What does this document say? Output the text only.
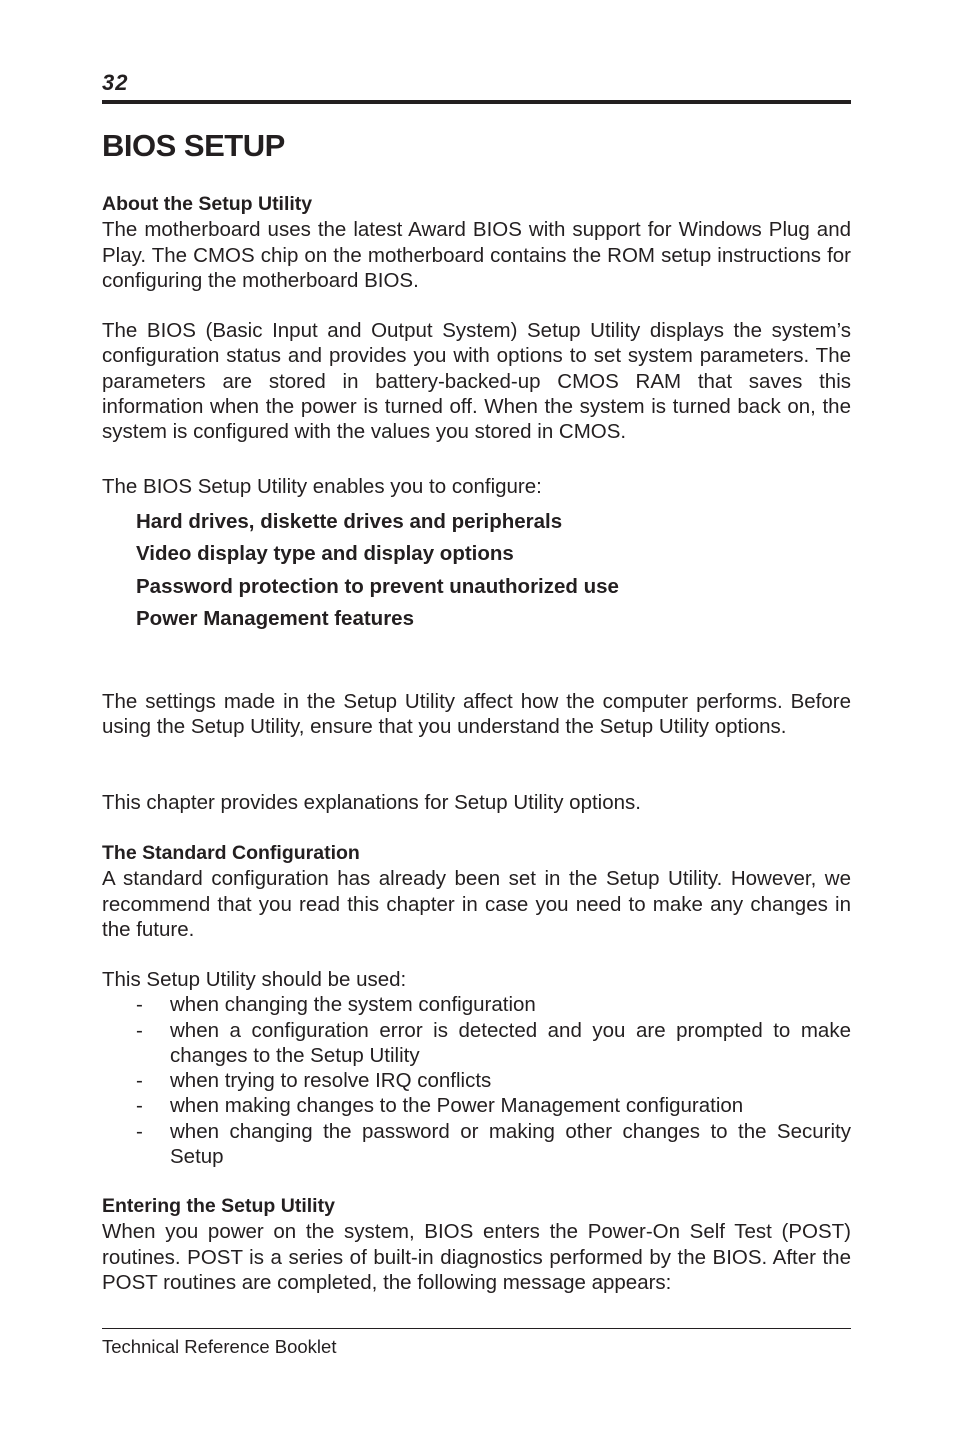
32
BIOS SETUP

About the Setup Utility

The motherboard uses the latest Award BIOS with support for Windows Plug and Play. The CMOS chip on the motherboard contains the ROM setup instructions for configuring the motherboard BIOS.

The BIOS (Basic Input and Output System) Setup Utility displays the system’s configuration status and provides you with options to set system parameters. The parameters are stored in battery-backed-up CMOS RAM that saves this information when the power is turned off. When the system is turned back on, the system is configured with the values you stored in CMOS.

The BIOS Setup Utility enables you to configure:

Hard drives, diskette drives and peripherals
Video display type and display options
Password protection to prevent unauthorized use
Power Management features

The settings made in the Setup Utility affect how the computer performs. Before using the Setup Utility, ensure that you understand the Setup Utility options.

This chapter provides explanations for Setup Utility options.

The Standard Configuration

A standard configuration has already been set in the Setup Utility. However, we recommend that you read this chapter in case you need to make any changes in the future.

This Setup Utility should be used:

- when changing the system configuration
- when a configuration error is detected and you are prompted to make changes to the Setup Utility
- when trying to resolve IRQ conflicts
- when making changes to the Power Management configuration
- when changing the password or making other changes to the Security Setup

Entering the Setup Utility

When you power on the system, BIOS enters the Power-On Self Test (POST) routines. POST is a series of built-in diagnostics performed by the BIOS. After the POST routines are completed, the following message appears:

Technical Reference Booklet
